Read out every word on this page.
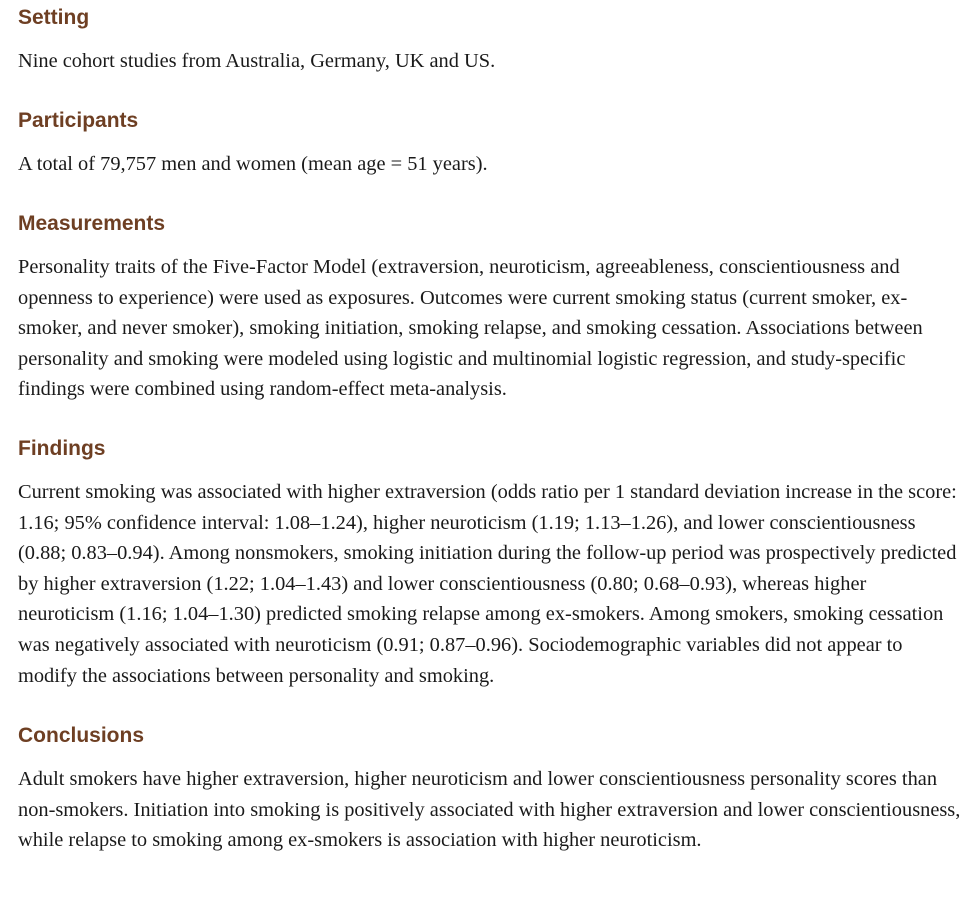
Setting

Nine cohort studies from Australia, Germany, UK and US.

Participants

A total of 79,757 men and women (mean age = 51 years).

Measurements

Personality traits of the Five-Factor Model (extraversion, neuroticism, agreeableness, conscientiousness and openness to experience) were used as exposures. Outcomes were current smoking status (current smoker, ex-smoker, and never smoker), smoking initiation, smoking relapse, and smoking cessation. Associations between personality and smoking were modeled using logistic and multinomial logistic regression, and study-specific findings were combined using random-effect meta-analysis.

Findings

Current smoking was associated with higher extraversion (odds ratio per 1 standard deviation increase in the score: 1.16; 95% confidence interval: 1.08–1.24), higher neuroticism (1.19; 1.13–1.26), and lower conscientiousness (0.88; 0.83–0.94). Among nonsmokers, smoking initiation during the follow-up period was prospectively predicted by higher extraversion (1.22; 1.04–1.43) and lower conscientiousness (0.80; 0.68–0.93), whereas higher neuroticism (1.16; 1.04–1.30) predicted smoking relapse among ex-smokers. Among smokers, smoking cessation was negatively associated with neuroticism (0.91; 0.87–0.96). Sociodemographic variables did not appear to modify the associations between personality and smoking.

Conclusions

Adult smokers have higher extraversion, higher neuroticism and lower conscientiousness personality scores than non-smokers. Initiation into smoking is positively associated with higher extraversion and lower conscientiousness, while relapse to smoking among ex-smokers is association with higher neuroticism.
